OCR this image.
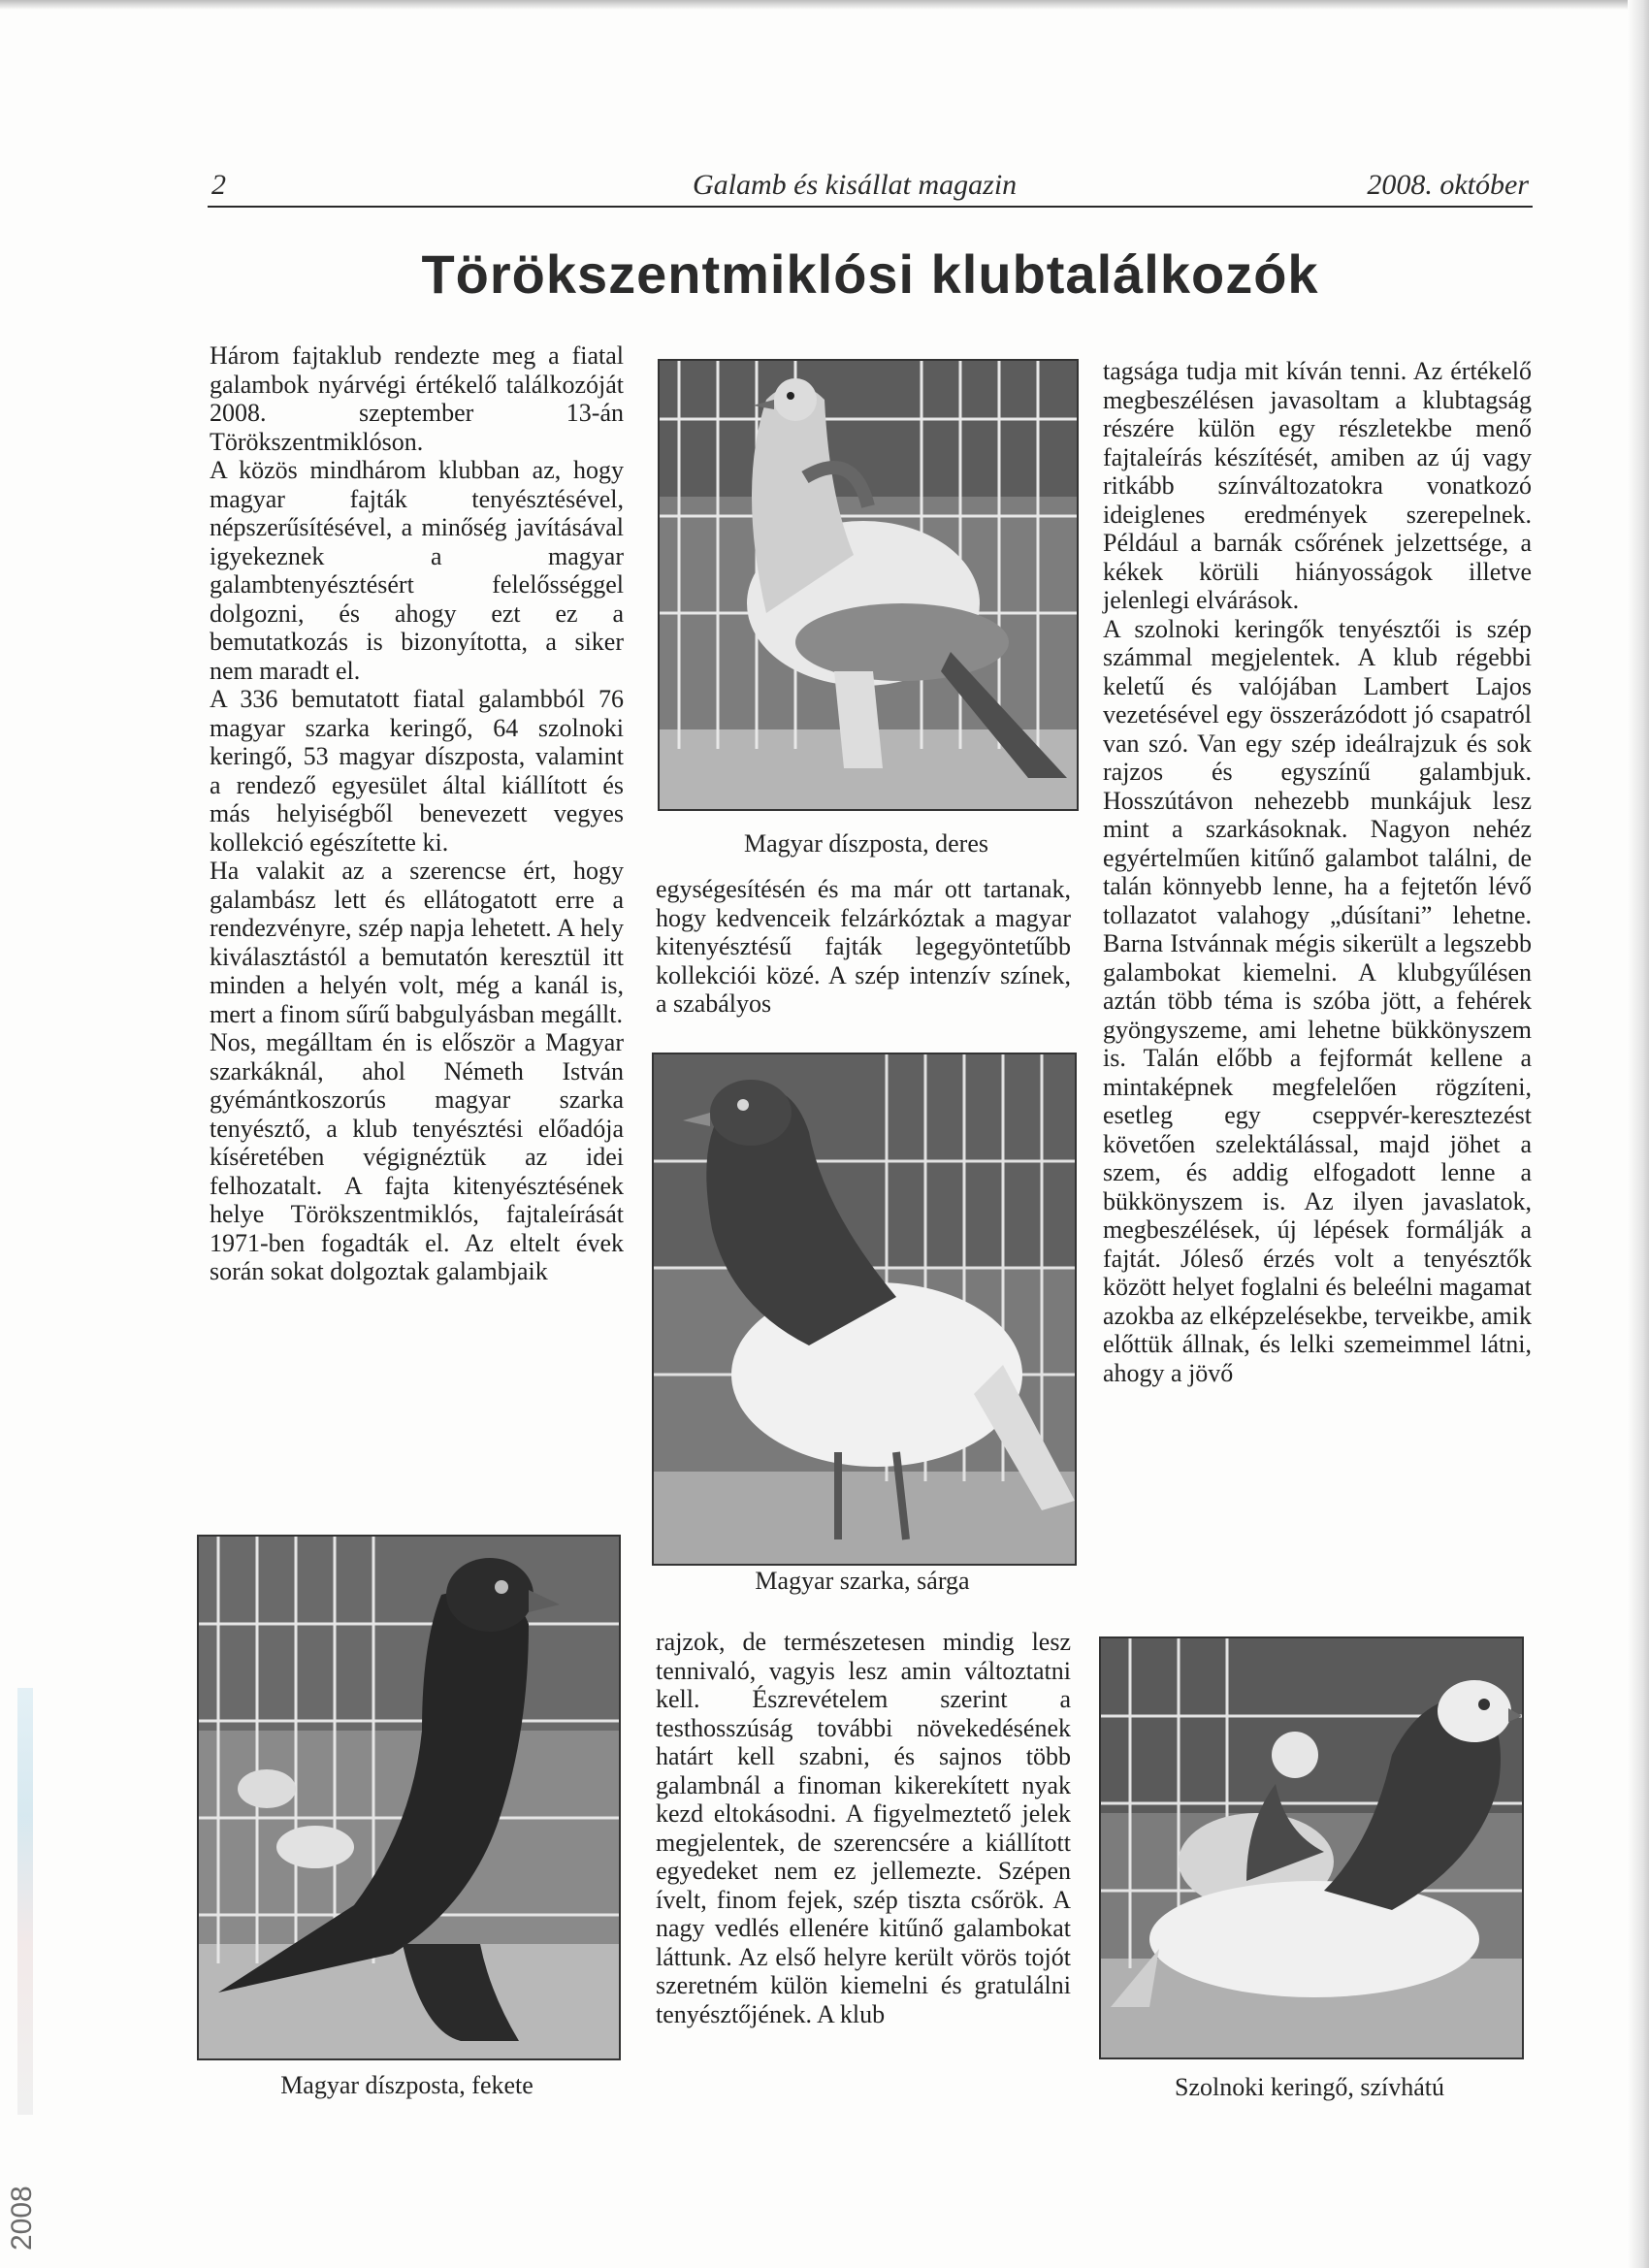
2008
2	Galamb és kisállat magazin	2008. október
Törökszentmiklósi klubtalálkozók

Három fajtaklub rendezte meg a fiatal galambok nyárvégi értékelő találkozóját 2008. szeptember 13-án Törökszentmiklóson.

A közös mindhárom klubban az, hogy magyar fajták tenyésztésével, népszerűsítésével, a minőség javításával igyekeznek a magyar galambtenyésztésért felelősséggel dolgozni, és ahogy ezt ez a bemutatkozás is bizonyította, a siker nem maradt el.

A 336 bemutatott fiatal galambból 76 magyar szarka keringő, 64 szolnoki keringő, 53 magyar díszposta, valamint a rendező egyesület által kiállított és más helyiségből benevezett vegyes kollekció egészítette ki.

Ha valakit az a szerencse ért, hogy galambász lett és ellátogatott erre a rendezvényre, szép napja lehetett. A hely kiválasztástól a bemutatón keresztül itt minden a helyén volt, még a kanál is, mert a finom sűrű babgulyásban megállt.

Nos, megálltam én is először a Magyar szarkáknál, ahol Németh István gyémántkoszorús magyar szarka tenyésztő, a klub tenyésztési előadója kíséretében végignéztük az idei felhozatalt. A fajta kitenyésztésének helye Törökszentmiklós, fajtaleírását 1971-ben fogadták el. Az eltelt évek során sokat dolgoztak galambjaik

Magyar díszposta, deres

egységesítésén és ma már ott tartanak, hogy kedvenceik felzárkóztak a magyar kitenyésztésű fajták legegyöntetűbb kollekciói közé. A szép intenzív színek, a szabályos

Magyar szarka, sárga

rajzok, de természetesen mindig lesz tennivaló, vagyis lesz amin változtatni kell. Észrevételem szerint a testhosszúság további növekedésének határt kell szabni, és sajnos több galambnál a finoman kikerekített nyak kezd eltokásodni. A figyelmeztető jelek megjelentek, de szerencsére a kiállított egyedeket nem ez jellemezte. Szépen ívelt, finom fejek, szép tiszta csőrök. A nagy vedlés ellenére kitűnő galambokat láttunk. Az első helyre került vörös tojót szeretném külön kiemelni és gratulálni tenyésztőjének. A klub

Magyar díszposta, fekete

tagsága tudja mit kíván tenni. Az értékelő megbeszélésen javasoltam a klubtagság részére külön egy részletekbe menő fajtaleírás készítését, amiben az új vagy ritkább színváltozatokra vonatkozó ideiglenes eredmények szerepelnek. Például a barnák csőrének jelzettsége, a kékek körüli hiányosságok illetve jelenlegi elvárások.

A szolnoki keringők tenyésztői is szép számmal megjelentek. A klub régebbi keletű és valójában Lambert Lajos vezetésével egy összerázódott jó csapatról van szó. Van egy szép ideálrajzuk és sok rajzos és egyszínű galambjuk. Hosszútávon nehezebb munkájuk lesz mint a szarkásoknak. Nagyon nehéz egyértelműen kitűnő galambot találni, de talán könnyebb lenne, ha a fejtetőn lévő tollazatot valahogy „dúsítani” lehetne. Barna Istvánnak mégis sikerült a legszebb galambokat kiemelni. A klubgyűlésen aztán több téma is szóba jött, a fehérek gyöngyszeme, ami lehetne bükkönyszem is. Talán előbb a fejformát kellene a mintaképnek megfelelően rögzíteni, esetleg egy cseppvér-keresztezést követően szelektálással, majd jöhet a szem, és addig elfogadott lenne a bükkönyszem is. Az ilyen javaslatok, megbeszélések, új lépések formálják a fajtát. Jóleső érzés volt a tenyésztők között helyet foglalni és beleélni magamat azokba az elképzelésekbe, terveikbe, amik előttük állnak, és lelki szemeimmel látni, ahogy a jövő

Szolnoki keringő, szívhátú
